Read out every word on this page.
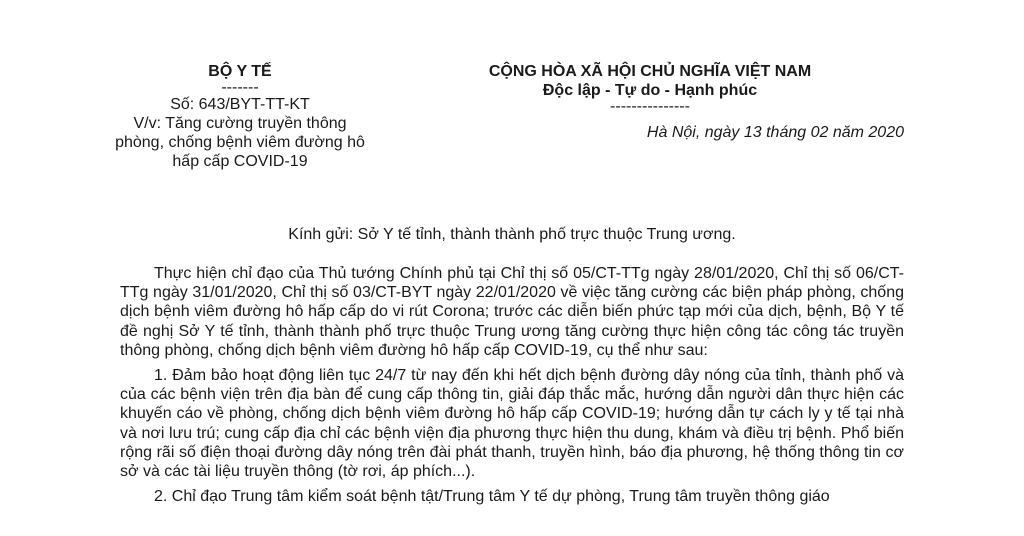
BỘ Y TẾ
-------
Số: 643/BYT-TT-KT
V/v: Tăng cường truyền thông
phòng, chống bệnh viêm đường hô
hấp cấp COVID-19
CỘNG HÒA XÃ HỘI CHỦ NGHĨA VIỆT NAM
Độc lập - Tự do - Hạnh phúc
---------------
Hà Nội, ngày 13 tháng 02 năm 2020
Kính gửi: Sở Y tế tỉnh, thành thành phố trực thuộc Trung ương.

Thực hiện chỉ đạo của Thủ tướng Chính phủ tại Chỉ thị số 05/CT-TTg ngày 28/01/2020, Chỉ thị số 06/CT-TTg ngày 31/01/2020, Chỉ thị số 03/CT-BYT ngày 22/01/2020 về việc tăng cường các biện pháp phòng, chống dịch bệnh viêm đường hô hấp cấp do vi rút Corona; trước các diễn biến phức tạp mới của dịch, bệnh, Bộ Y tế đề nghị Sở Y tế tỉnh, thành thành phố trực thuộc Trung ương tăng cường thực hiện công tác công tác truyền thông phòng, chống dịch bệnh viêm đường hô hấp cấp COVID-19, cụ thể như sau:

1. Đảm bảo hoạt động liên tục 24/7 từ nay đến khi hết dịch bệnh đường dây nóng của tỉnh, thành phố và của các bệnh viện trên địa bàn để cung cấp thông tin, giải đáp thắc mắc, hướng dẫn người dân thực hiện các khuyến cáo về phòng, chống dịch bệnh viêm đường hô hấp cấp COVID-19; hướng dẫn tự cách ly y tế tại nhà và nơi lưu trú; cung cấp địa chỉ các bệnh viện địa phương thực hiện thu dung, khám và điều trị bệnh. Phổ biến rộng rãi số điện thoại đường dây nóng trên đài phát thanh, truyền hình, báo địa phương, hệ thống thông tin cơ sở và các tài liệu truyền thông (tờ rơi, áp phích...).

2. Chỉ đạo Trung tâm kiểm soát bệnh tật/Trung tâm Y tế dự phòng, Trung tâm truyền thông giáo
